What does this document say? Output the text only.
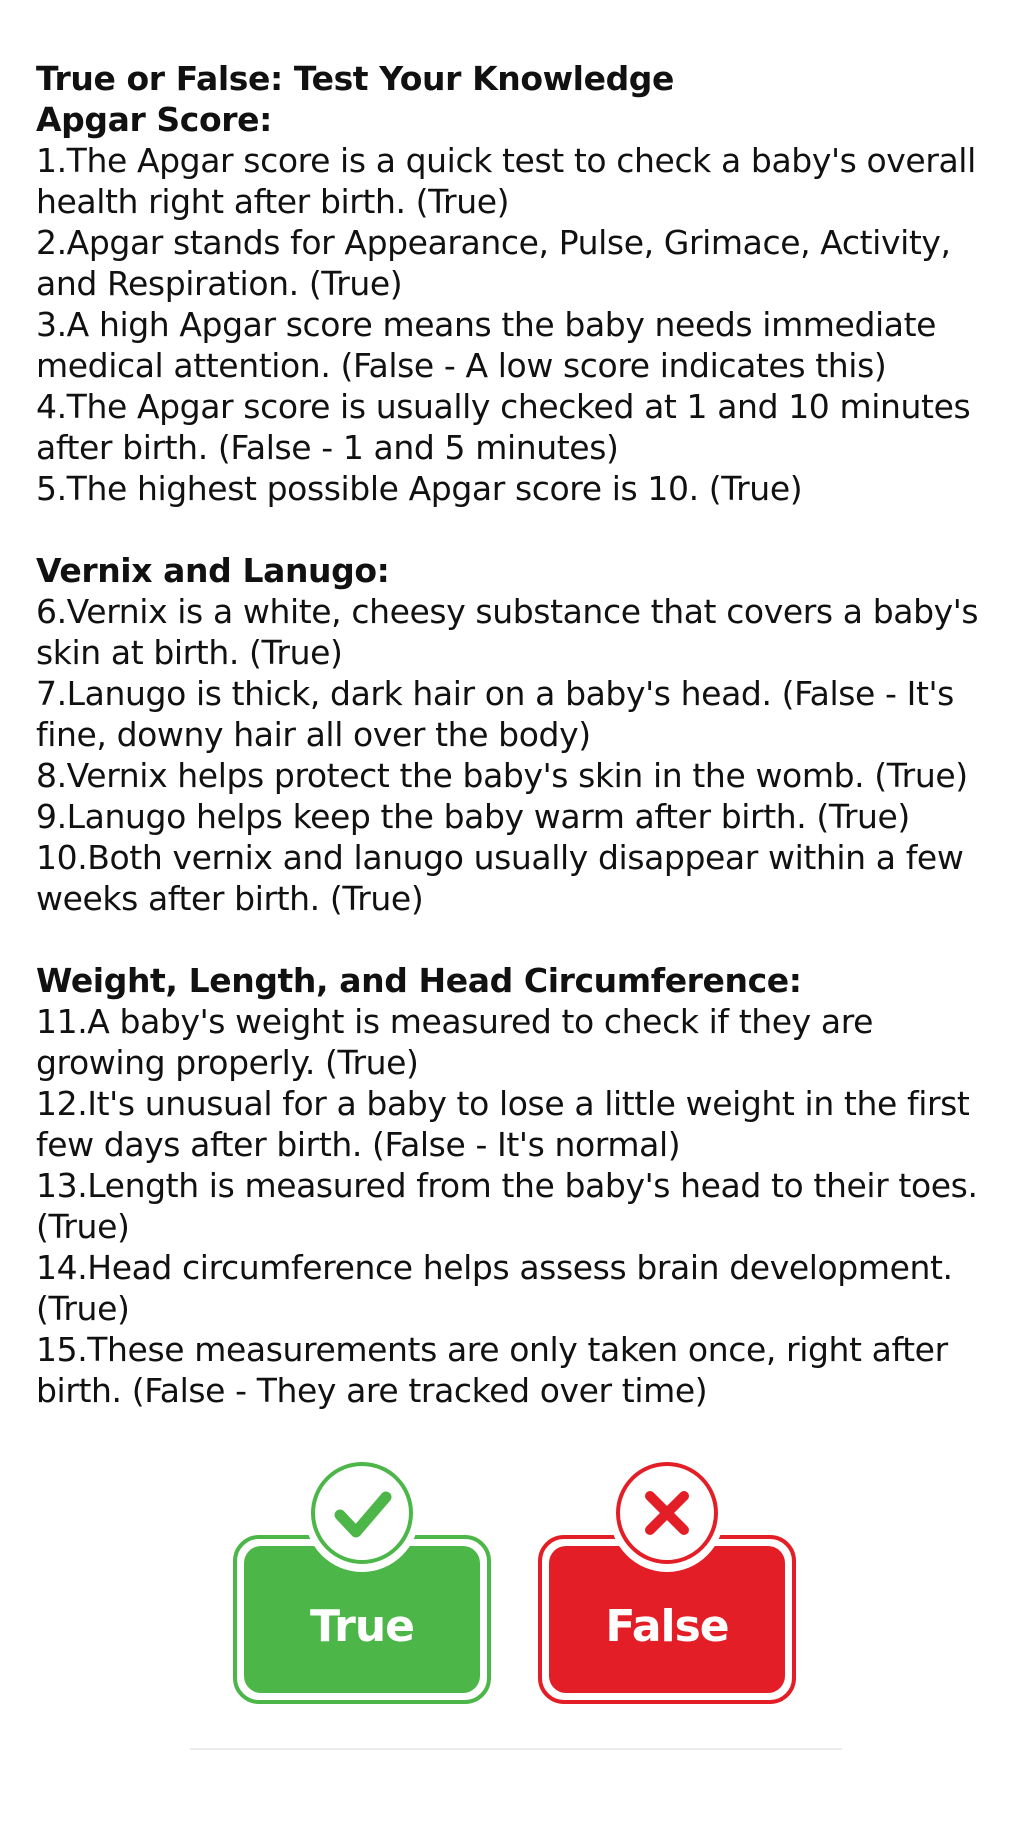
True or False: Test Your Knowledge

Apgar Score:

1.The Apgar score is a quick test to check a baby's overall health right after birth. (True)

2.Apgar stands for Appearance, Pulse, Grimace, Activity, and Respiration. (True)

3.A high Apgar score means the baby needs immediate medical attention. (False - A low score indicates this)

4.The Apgar score is usually checked at 1 and 10 minutes after birth. (False - 1 and 5 minutes)

5.The highest possible Apgar score is 10. (True)

Vernix and Lanugo:

6.Vernix is a white, cheesy substance that covers a baby's skin at birth. (True)

7.Lanugo is thick, dark hair on a baby's head. (False - It's fine, downy hair all over the body)

8.Vernix helps protect the baby's skin in the womb. (True)

9.Lanugo helps keep the baby warm after birth. (True)

10.Both vernix and lanugo usually disappear within a few weeks after birth. (True)

Weight, Length, and Head Circumference:

11.A baby's weight is measured to check if they are growing properly. (True)

12.It's unusual for a baby to lose a little weight in the first few days after birth. (False - It's normal)

13.Length is measured from the baby's head to their toes. (True)

14.Head circumference helps assess brain development. (True)

15.These measurements are only taken once, right after birth. (False - They are tracked over time)

True	False
